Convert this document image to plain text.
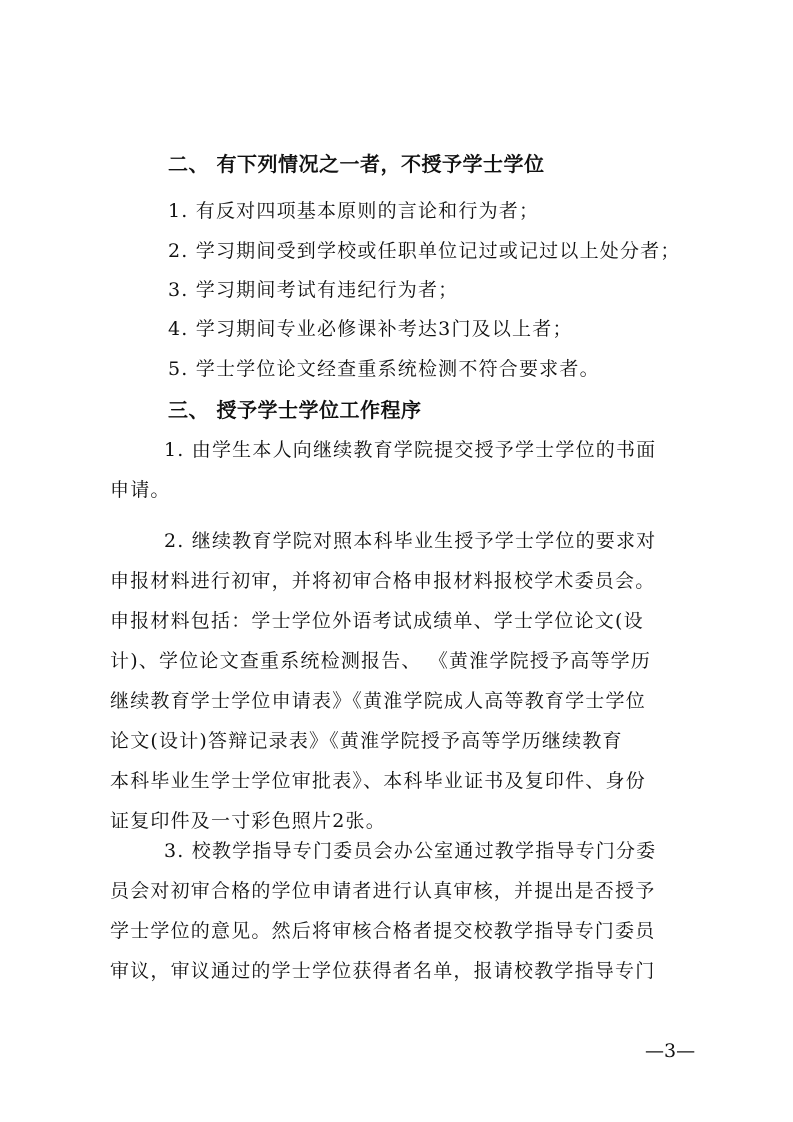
二、 有下列情况之一者，不授予学士学位
1. 有反对四项基本原则的言论和行为者；
2. 学习期间受到学校或任职单位记过或记过以上处分者；
3. 学习期间考试有违纪行为者；
4. 学习期间专业必修课补考达3门及以上者；
5. 学士学位论文经查重系统检测不符合要求者。
三、 授予学士学位工作程序
1. 由学生本人向继续教育学院提交授予学士学位的书面
申请。
2. 继续教育学院对照本科毕业生授予学士学位的要求对
申报材料进行初审，并将初审合格申报材料报校学术委员会。
申报材料包括：学士学位外语考试成绩单、学士学位论文(设
计)、学位论文查重系统检测报告、 《黄淮学院授予高等学历
继续教育学士学位申请表》《黄淮学院成人高等教育学士学位
论文(设计)答辩记录表》《黄淮学院授予高等学历继续教育
本科毕业生学士学位审批表》、本科毕业证书及复印件、身份
证复印件及一寸彩色照片2张。
3. 校教学指导专门委员会办公室通过教学指导专门分委
员会对初审合格的学位申请者进行认真审核，并提出是否授予
学士学位的意见。然后将审核合格者提交校教学指导专门委员
审议，审议通过的学士学位获得者名单，报请校教学指导专门
—3—
